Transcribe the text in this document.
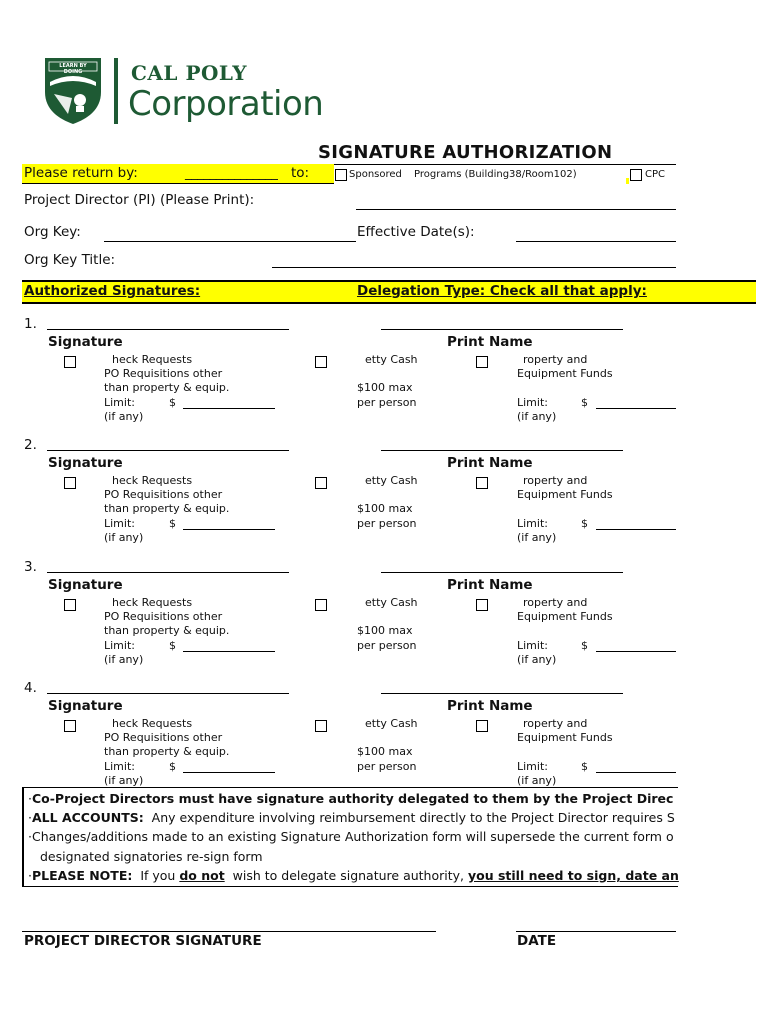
LEARN BY DOING	CAL POLY
Corporation
SIGNATURE AUTHORIZATION
Please return by:	_______________ to:	Sponsored Programs (Building38/Room102)	CPC
Project Director (PI) (Please Print):
Org Key:	Effective Date(s):
Org Key Title:
Authorized Signatures:	Delegation Type: Check all that apply:
1.
Signature	Print Name
heck Requests
PO Requisitions other
than property & equip.
Limit:	$
(if any)
etty Cash
$100 max
per person
roperty and
Equipment Funds
Limit:	$
(if any)
2.
Signature	Print Name
heck Requests
PO Requisitions other
than property & equip.
Limit:	$
(if any)
etty Cash
$100 max
per person
roperty and
Equipment Funds
Limit:	$
(if any)
3.
Signature	Print Name
heck Requests
PO Requisitions other
than property & equip.
Limit:	$
(if any)
etty Cash
$100 max
per person
roperty and
Equipment Funds
Limit:	$
(if any)
4.
Signature	Print Name
heck Requests
PO Requisitions other
than property & equip.
Limit:	$
(if any)
etty Cash
$100 max
per person
roperty and
Equipment Funds
Limit:	$
(if any)
·Co-Project Directors must have signature authority delegated to them by the Project Direc
·ALL ACCOUNTS:  Any expenditure involving reimbursement directly to the Project Director requires S
·Changes/additions made to an existing Signature Authorization form will supersede the current form o
designated signatories re-sign form
·PLEASE NOTE:  If you do not  wish to delegate signature authority, you still need to sign, date an
PROJECT DIRECTOR SIGNATURE	DATE
